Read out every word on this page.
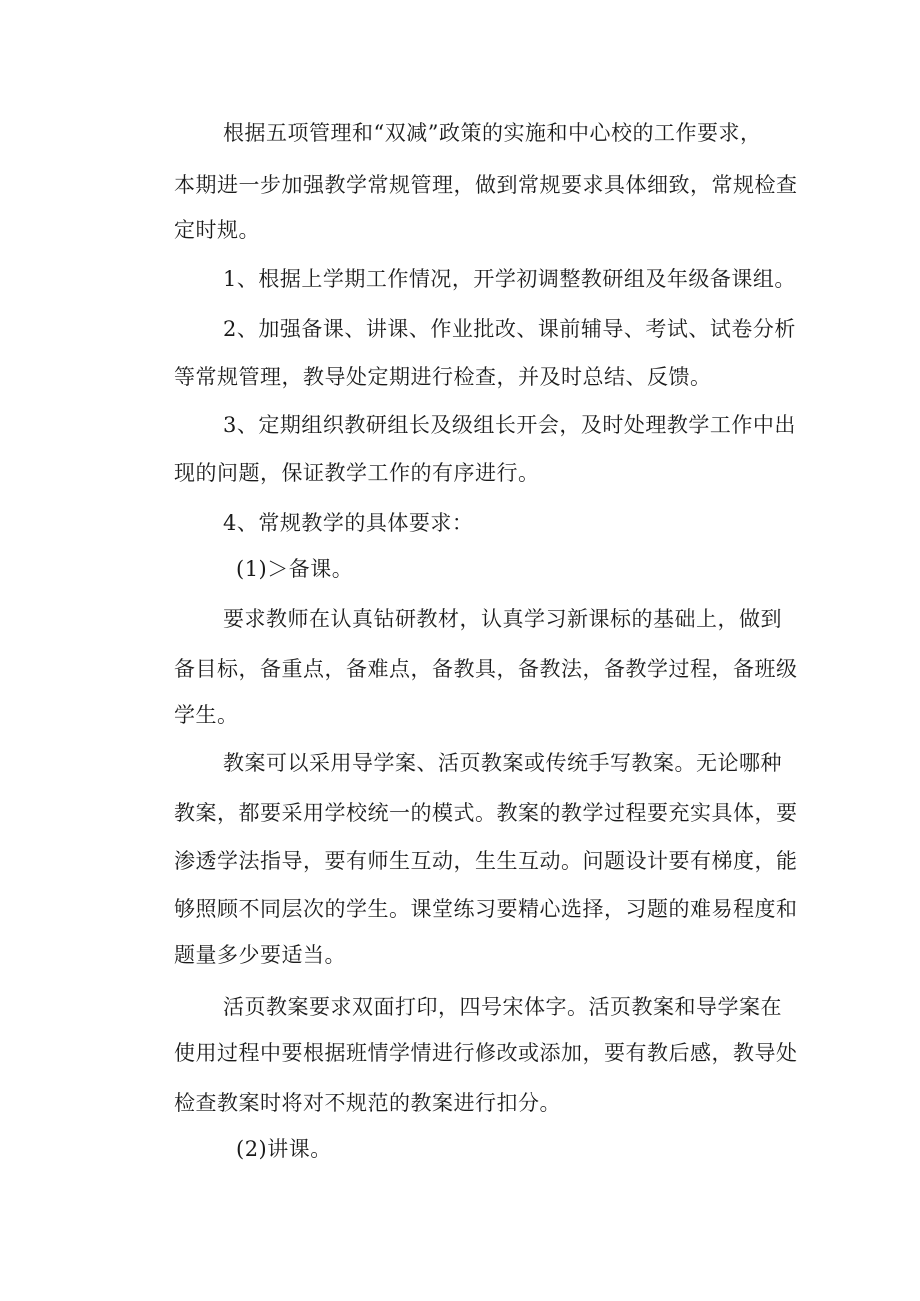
根据五项管理和“双减”政策的实施和中心校的工作要求，
本期进一步加强教学常规管理，做到常规要求具体细致，常规检查
定时规。
1、根据上学期工作情况，开学初调整教研组及年级备课组。
2、加强备课、讲课、作业批改、课前辅导、考试、试卷分析
等常规管理，教导处定期进行检查，并及时总结、反馈。
3、定期组织教研组长及级组长开会，及时处理教学工作中出
现的问题，保证教学工作的有序进行。
4、常规教学的具体要求：
(1)＞备课。
要求教师在认真钻研教材，认真学习新课标的基础上，做到
备目标，备重点，备难点，备教具，备教法，备教学过程，备班级
学生。
教案可以采用导学案、活页教案或传统手写教案。无论哪种
教案，都要采用学校统一的模式。教案的教学过程要充实具体，要
渗透学法指导，要有师生互动，生生互动。问题设计要有梯度，能
够照顾不同层次的学生。课堂练习要精心选择，习题的难易程度和
题量多少要适当。
活页教案要求双面打印，四号宋体字。活页教案和导学案在
使用过程中要根据班情学情进行修改或添加，要有教后感，教导处
检查教案时将对不规范的教案进行扣分。
(2)讲课。
